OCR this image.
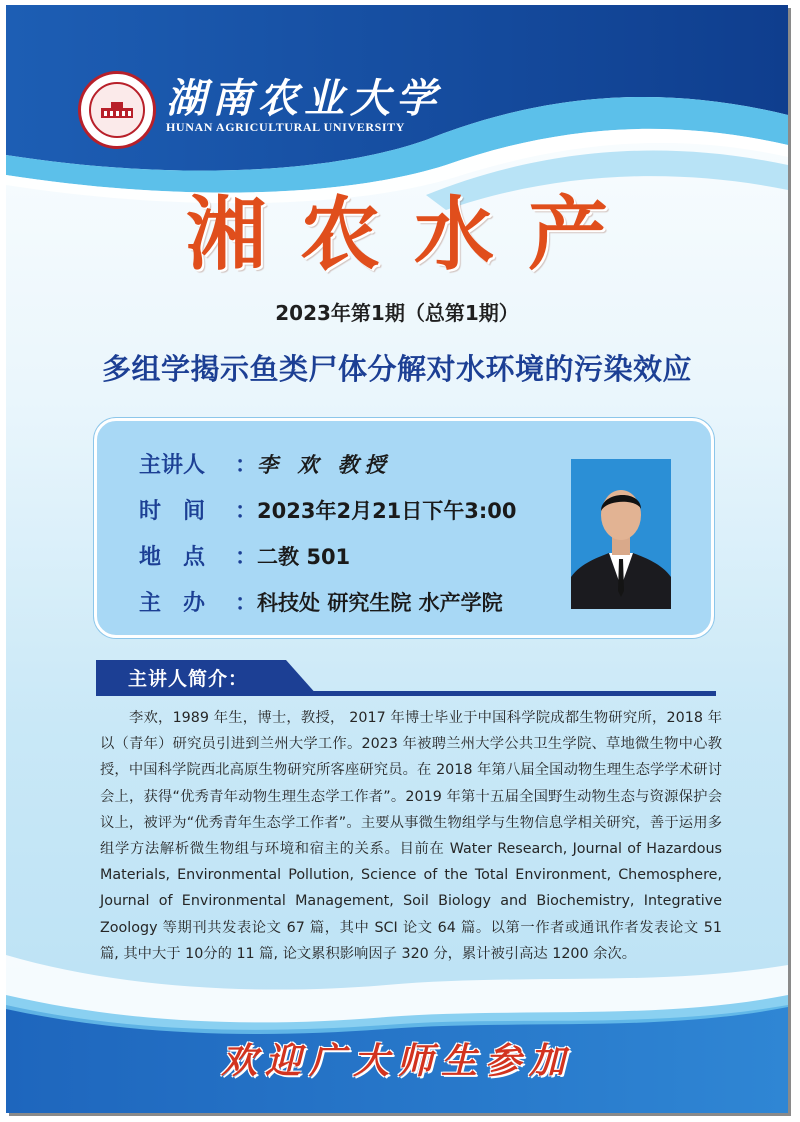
湖南农业大学
HUNAN AGRICULTURAL UNIVERSITY
湘农水产
2023年第1期（总第1期）
多组学揭示鱼类尸体分解对水环境的污染效应
主讲人 ：李 欢 教授
时　间 ：2023年2月21日下午3:00
地　点 ：二教 501
主　办 ：科技处 研究生院 水产学院
主讲人简介：
李欢，1989 年生，博士，教授， 2017 年博士毕业于中国科学院成都生物研究所，2018 年以（青年）研究员引进到兰州大学工作。2023 年被聘兰州大学公共卫生学院、草地微生物中心教授，中国科学院西北高原生物研究所客座研究员。在 2018 年第八届全国动物生理生态学学术研讨会上，获得“优秀青年动物生理生态学工作者”。2019 年第十五届全国野生动物生态与资源保护会议上，被评为“优秀青年生态学工作者”。主要从事微生物组学与生物信息学相关研究，善于运用多组学方法解析微生物组与环境和宿主的关系。目前在 Water Research, Journal of Hazardous Materials, Environmental Pollution, Science of the Total Environment, Chemosphere, Journal of Environmental Management, Soil Biology and Biochemistry, Integrative Zoology 等期刊共发表论文 67 篇，其中 SCI 论文 64 篇。以第一作者或通讯作者发表论文 51 篇, 其中大于 10分的 11 篇, 论文累积影响因子 320 分，累计被引高达 1200 余次。
欢迎广大师生参加
